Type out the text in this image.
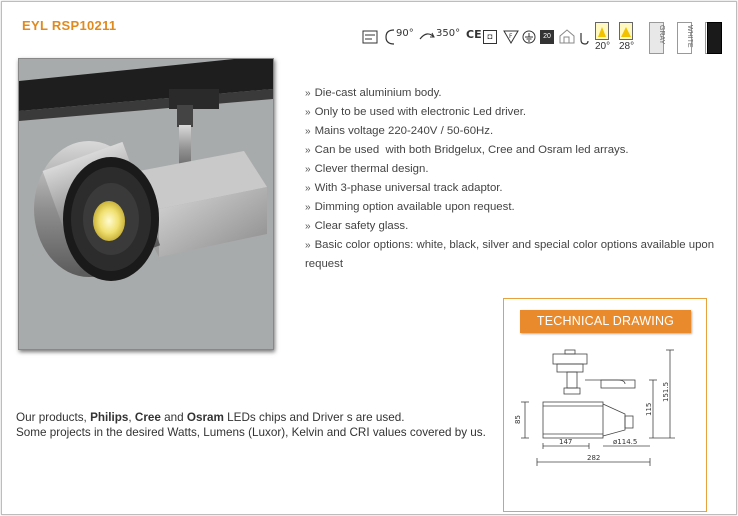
EYL RSP10211
90° 350° CE ◘	F	20
20° 28°
GRAY	WHITE
» Die-cast aluminium body.
» Only to be used with electronic Led driver.
» Mains voltage 220-240V / 50-60Hz.
» Can be used  with both Bridgelux, Cree and Osram led arrays.
» Clever thermal design.
» With 3-phase universal track adaptor.
» Dimming option available upon request.
» Clear safety glass.
» Basic color options: white, black, silver and special color options available upon request
TECHNICAL DRAWING
85
115
151.5
147	ø114.5
282
Our products, Philips, Cree and Osram LEDs chips and Driver s are used.
Some projects in the desired Watts, Lumens (Luxor), Kelvin and CRI values covered by us.
